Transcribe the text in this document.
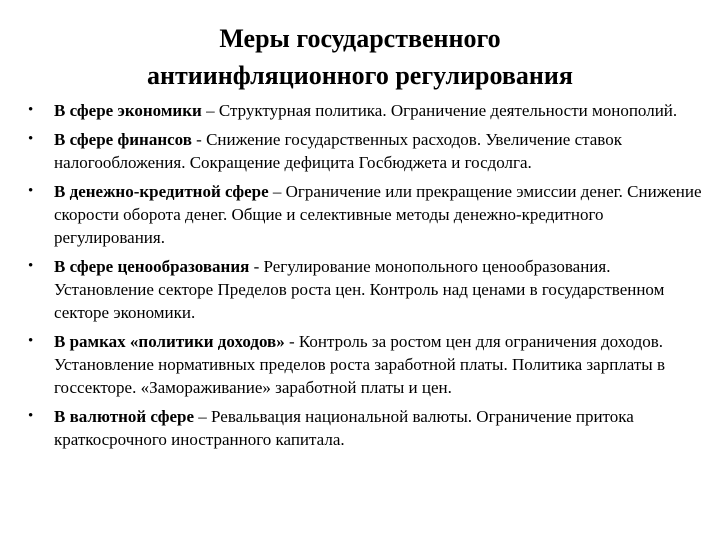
Меры государственного
антиинфляционного регулирования
• В сфере экономики – Структурная политика. Ограничение деятельности монополий.
• В сфере финансов - Снижение государственных расходов. Увеличение ставок налогообложения. Сокращение дефицита Госбюджета и госдолга.
• В денежно-кредитной сфере – Ограничение или прекращение эмиссии денег. Снижение скорости оборота денег. Общие и селективные методы денежно-кредитного регулирования.
• В сфере ценообразования - Регулирование монопольного ценообразования. Установление секторе Пределов роста цен. Контроль над ценами в государственном секторе экономики.
• В рамках «политики доходов» - Контроль за ростом цен для ограничения доходов. Установление нормативных пределов роста заработной платы. Политика зарплаты в госсекторе. «Замораживание» заработной платы и цен.
• В валютной сфере – Ревальвация национальной валюты. Ограничение притока краткосрочного иностранного капитала.
